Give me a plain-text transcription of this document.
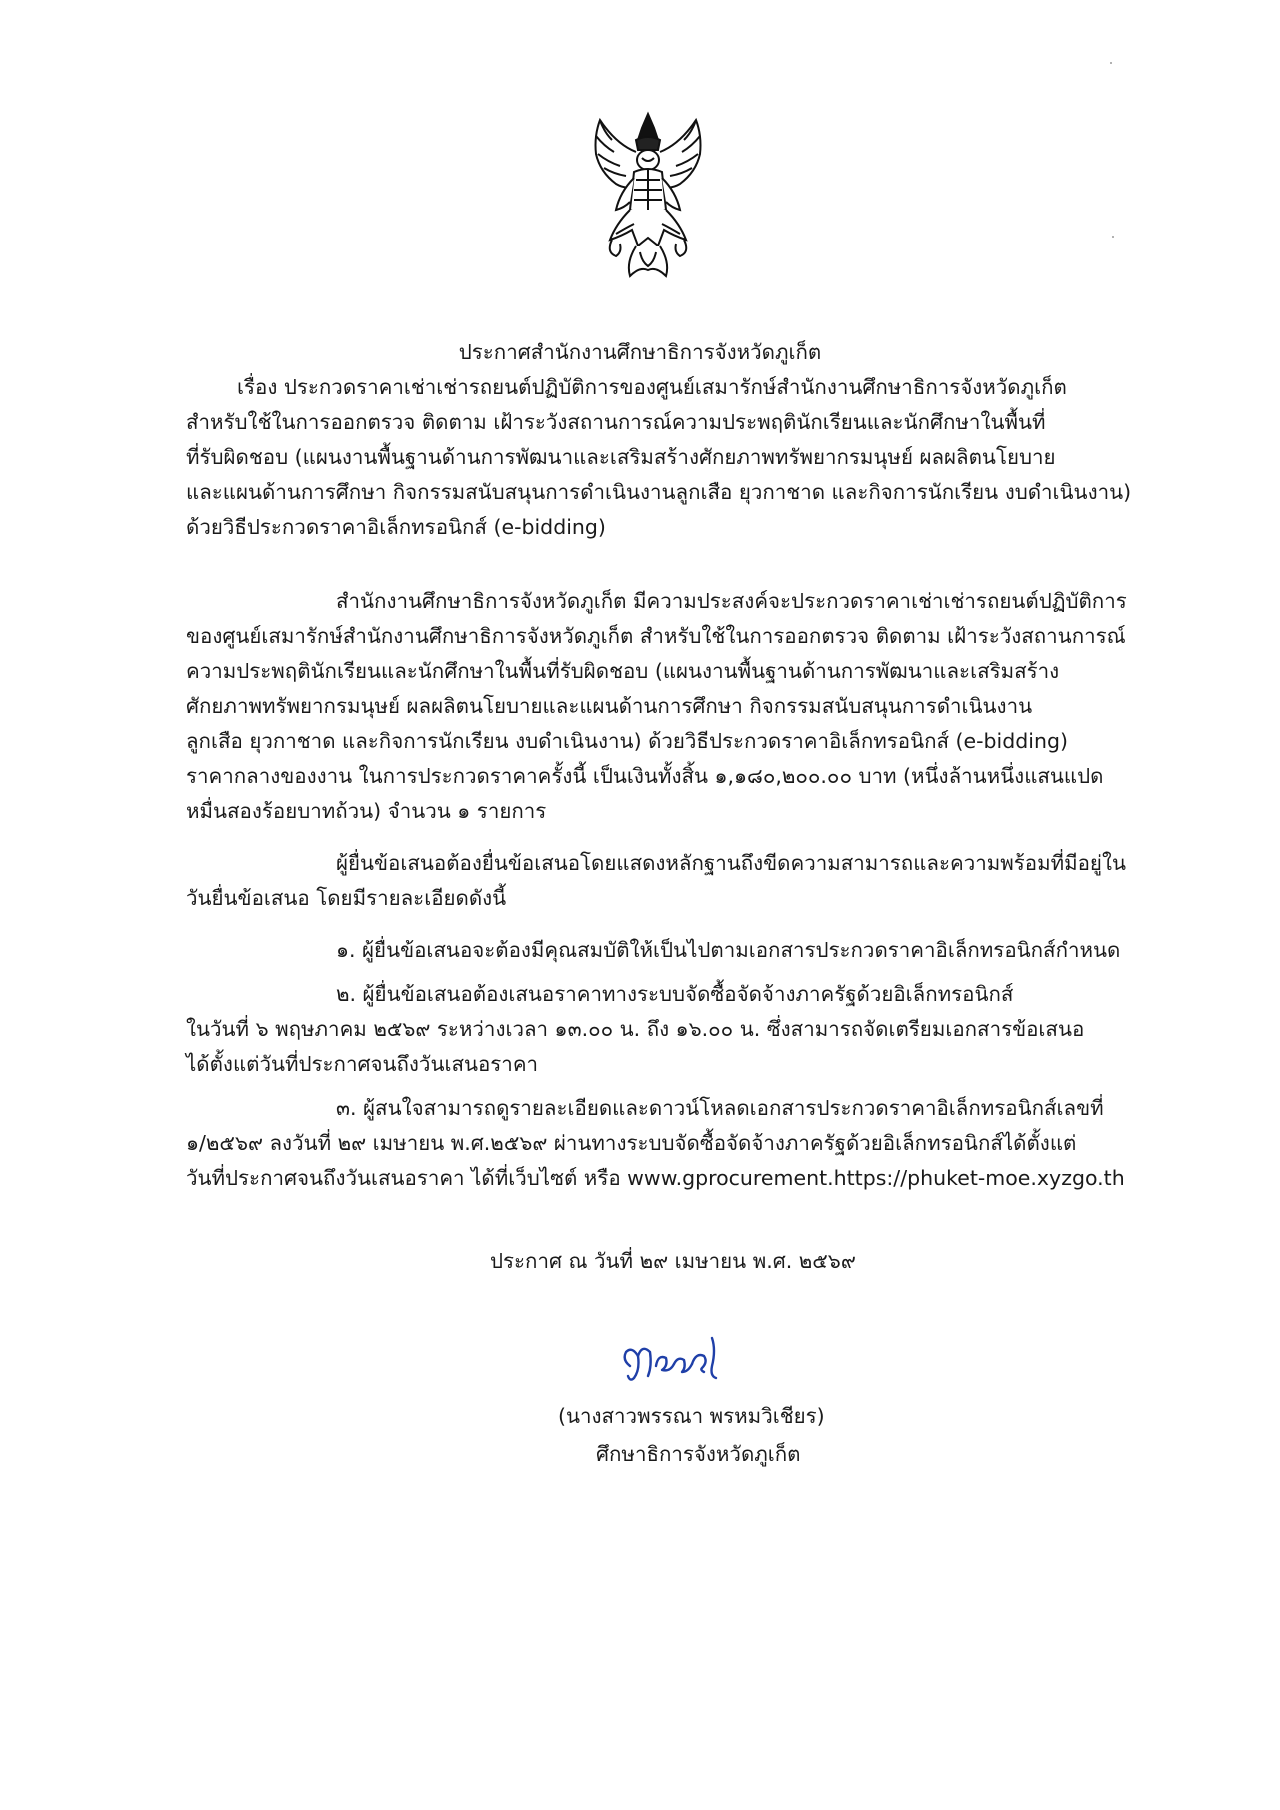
ประกาศสำนักงานศึกษาธิการจังหวัดภูเก็ต
เรื่อง ประกวดราคาเช่าเช่ารถยนต์ปฏิบัติการของศูนย์เสมารักษ์สำนักงานศึกษาธิการจังหวัดภูเก็ต
สำหรับใช้ในการออกตรวจ ติดตาม เฝ้าระวังสถานการณ์ความประพฤตินักเรียนและนักศึกษาในพื้นที่
ที่รับผิดชอบ (แผนงานพื้นฐานด้านการพัฒนาและเสริมสร้างศักยภาพทรัพยากรมนุษย์ ผลผลิตนโยบาย
และแผนด้านการศึกษา กิจกรรมสนับสนุนการดำเนินงานลูกเสือ ยุวกาชาด และกิจการนักเรียน งบดำเนินงาน)
ด้วยวิธีประกวดราคาอิเล็กทรอนิกส์ (e-bidding)
สำนักงานศึกษาธิการจังหวัดภูเก็ต มีความประสงค์จะประกวดราคาเช่าเช่ารถยนต์ปฏิบัติการ
ของศูนย์เสมารักษ์สำนักงานศึกษาธิการจังหวัดภูเก็ต สำหรับใช้ในการออกตรวจ ติดตาม เฝ้าระวังสถานการณ์
ความประพฤตินักเรียนและนักศึกษาในพื้นที่รับผิดชอบ (แผนงานพื้นฐานด้านการพัฒนาและเสริมสร้าง
ศักยภาพทรัพยากรมนุษย์ ผลผลิตนโยบายและแผนด้านการศึกษา กิจกรรมสนับสนุนการดำเนินงาน
ลูกเสือ ยุวกาชาด และกิจการนักเรียน งบดำเนินงาน) ด้วยวิธีประกวดราคาอิเล็กทรอนิกส์ (e-bidding)
ราคากลางของงาน ในการประกวดราคาครั้งนี้ เป็นเงินทั้งสิ้น ๑,๑๘๐,๒๐๐.๐๐ บาท (หนึ่งล้านหนึ่งแสนแปด
หมื่นสองร้อยบาทถ้วน) จำนวน ๑ รายการ
ผู้ยื่นข้อเสนอต้องยื่นข้อเสนอโดยแสดงหลักฐานถึงขีดความสามารถและความพร้อมที่มีอยู่ใน
วันยื่นข้อเสนอ โดยมีรายละเอียดดังนี้
๑. ผู้ยื่นข้อเสนอจะต้องมีคุณสมบัติให้เป็นไปตามเอกสารประกวดราคาอิเล็กทรอนิกส์กำหนด
๒. ผู้ยื่นข้อเสนอต้องเสนอราคาทางระบบจัดซื้อจัดจ้างภาครัฐด้วยอิเล็กทรอนิกส์
ในวันที่ ๖ พฤษภาคม ๒๕๖๙ ระหว่างเวลา ๑๓.๐๐ น. ถึง ๑๖.๐๐ น. ซึ่งสามารถจัดเตรียมเอกสารข้อเสนอ
ได้ตั้งแต่วันที่ประกาศจนถึงวันเสนอราคา
๓. ผู้สนใจสามารถดูรายละเอียดและดาวน์โหลดเอกสารประกวดราคาอิเล็กทรอนิกส์เลขที่
๑/๒๕๖๙ ลงวันที่ ๒๙ เมษายน พ.ศ.๒๕๖๙ ผ่านทางระบบจัดซื้อจัดจ้างภาครัฐด้วยอิเล็กทรอนิกส์ได้ตั้งแต่
วันที่ประกาศจนถึงวันเสนอราคา ได้ที่เว็บไซต์ หรือ www.gprocurement.https://phuket-moe.xyzgo.th
ประกาศ ณ วันที่ ๒๙ เมษายน พ.ศ. ๒๕๖๙
(นางสาวพรรณา พรหมวิเชียร)
ศึกษาธิการจังหวัดภูเก็ต
